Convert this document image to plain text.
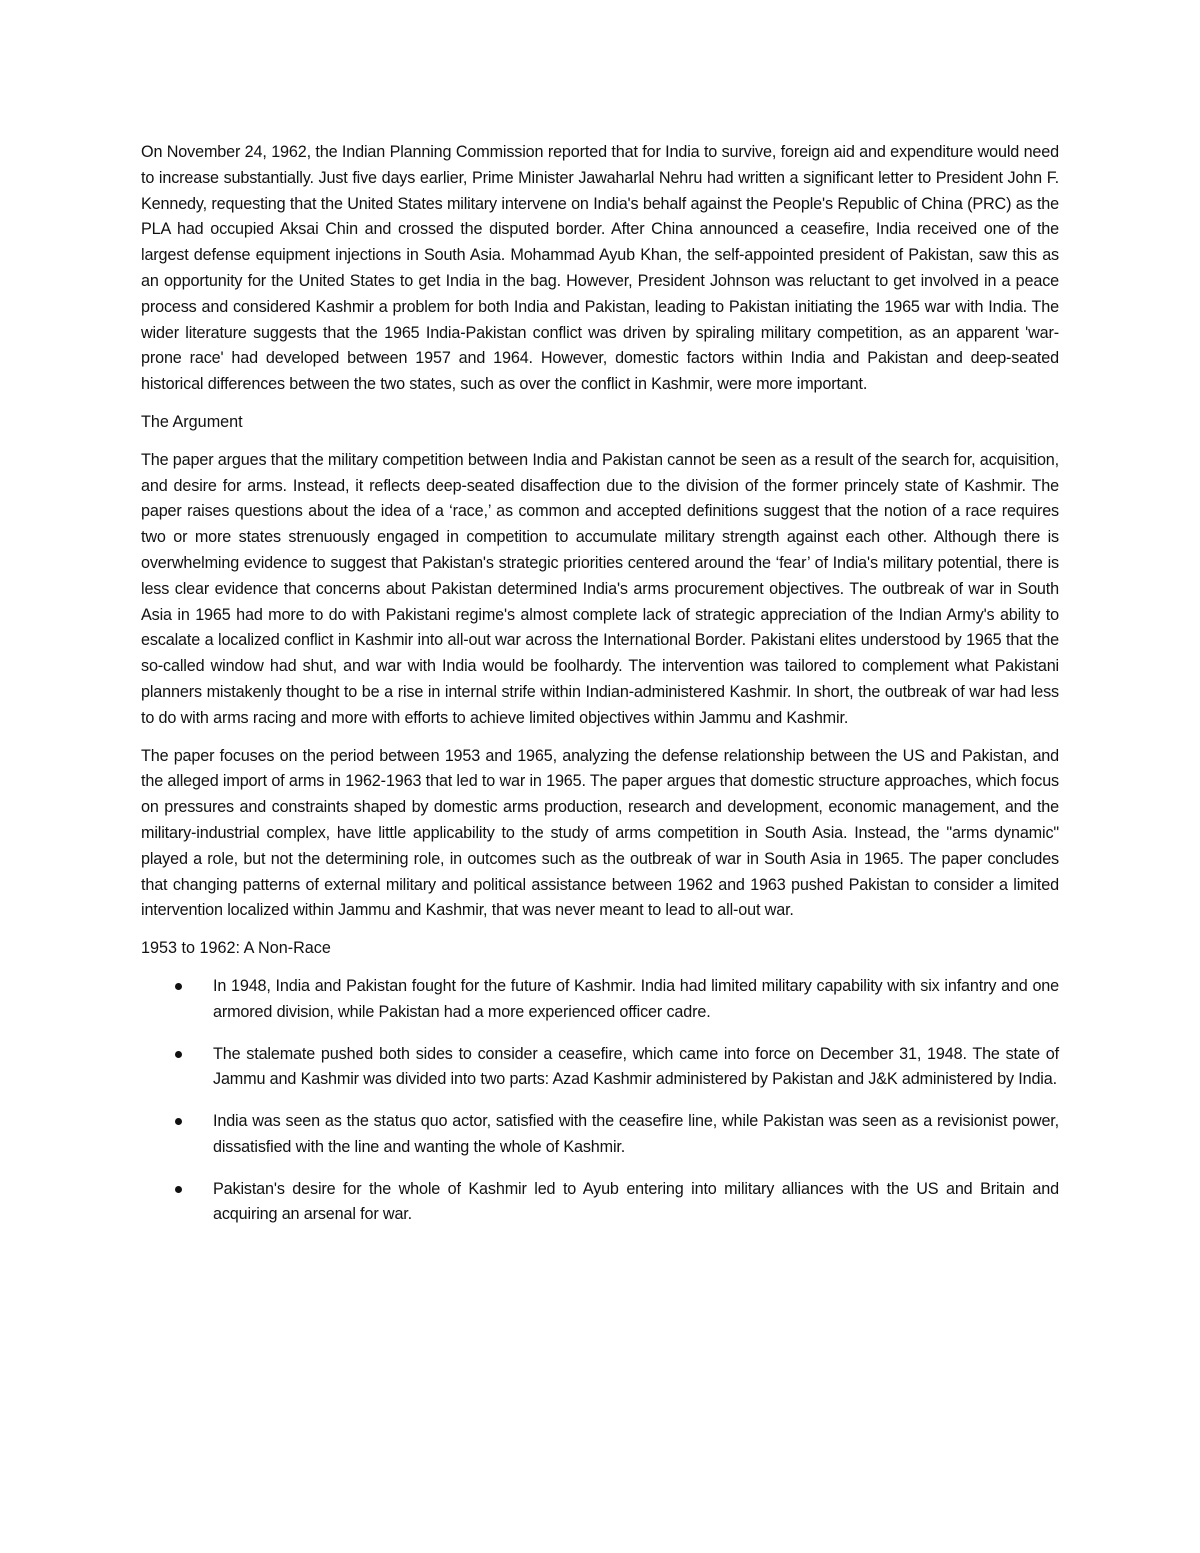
On November 24, 1962, the Indian Planning Commission reported that for India to survive, foreign aid and expenditure would need to increase substantially. Just five days earlier, Prime Minister Jawaharlal Nehru had written a significant letter to President John F. Kennedy, requesting that the United States military intervene on India's behalf against the People's Republic of China (PRC) as the PLA had occupied Aksai Chin and crossed the disputed border. After China announced a ceasefire, India received one of the largest defense equipment injections in South Asia. Mohammad Ayub Khan, the self-appointed president of Pakistan, saw this as an opportunity for the United States to get India in the bag. However, President Johnson was reluctant to get involved in a peace process and considered Kashmir a problem for both India and Pakistan, leading to Pakistan initiating the 1965 war with India. The wider literature suggests that the 1965 India-Pakistan conflict was driven by spiraling military competition, as an apparent 'war-prone race' had developed between 1957 and 1964. However, domestic factors within India and Pakistan and deep-seated historical differences between the two states, such as over the conflict in Kashmir, were more important.

The Argument

The paper argues that the military competition between India and Pakistan cannot be seen as a result of the search for, acquisition, and desire for arms. Instead, it reflects deep-seated disaffection due to the division of the former princely state of Kashmir. The paper raises questions about the idea of a ‘race,’ as common and accepted definitions suggest that the notion of a race requires two or more states strenuously engaged in competition to accumulate military strength against each other. Although there is overwhelming evidence to suggest that Pakistan's strategic priorities centered around the ‘fear’ of India's military potential, there is less clear evidence that concerns about Pakistan determined India's arms procurement objectives. The outbreak of war in South Asia in 1965 had more to do with Pakistani regime's almost complete lack of strategic appreciation of the Indian Army's ability to escalate a localized conflict in Kashmir into all-out war across the International Border. Pakistani elites understood by 1965 that the so-called window had shut, and war with India would be foolhardy. The intervention was tailored to complement what Pakistani planners mistakenly thought to be a rise in internal strife within Indian-administered Kashmir. In short, the outbreak of war had less to do with arms racing and more with efforts to achieve limited objectives within Jammu and Kashmir.

The paper focuses on the period between 1953 and 1965, analyzing the defense relationship between the US and Pakistan, and the alleged import of arms in 1962-1963 that led to war in 1965. The paper argues that domestic structure approaches, which focus on pressures and constraints shaped by domestic arms production, research and development, economic management, and the military-industrial complex, have little applicability to the study of arms competition in South Asia. Instead, the "arms dynamic" played a role, but not the determining role, in outcomes such as the outbreak of war in South Asia in 1965. The paper concludes that changing patterns of external military and political assistance between 1962 and 1963 pushed Pakistan to consider a limited intervention localized within Jammu and Kashmir, that was never meant to lead to all-out war.

1953 to 1962: A Non-Race

In 1948, India and Pakistan fought for the future of Kashmir. India had limited military capability with six infantry and one armored division, while Pakistan had a more experienced officer cadre.
The stalemate pushed both sides to consider a ceasefire, which came into force on December 31, 1948. The state of Jammu and Kashmir was divided into two parts: Azad Kashmir administered by Pakistan and J&K administered by India.
India was seen as the status quo actor, satisfied with the ceasefire line, while Pakistan was seen as a revisionist power, dissatisfied with the line and wanting the whole of Kashmir.
Pakistan's desire for the whole of Kashmir led to Ayub entering into military alliances with the US and Britain and acquiring an arsenal for war.
